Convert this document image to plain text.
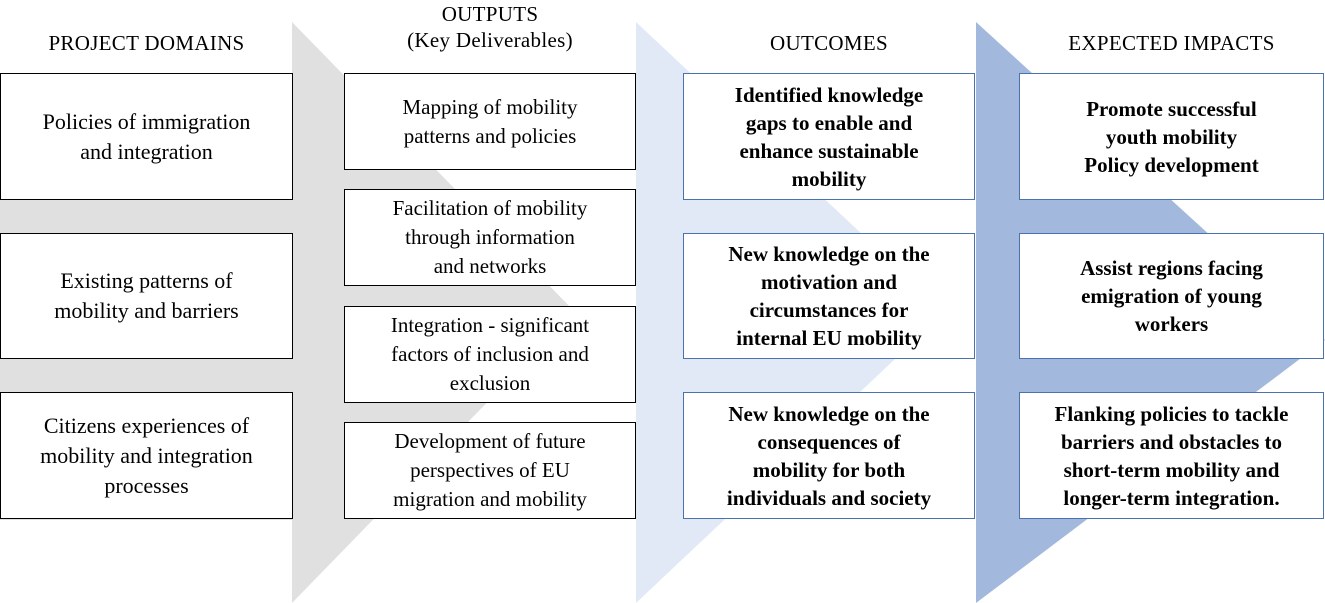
PROJECT DOMAINS
Policies of immigration
and integration
Existing patterns of
mobility and barriers
Citizens experiences of
mobility and integration
processes
OUTPUTS
(Key Deliverables)
Mapping of mobility
patterns and policies
Facilitation of mobility
through information
and networks
Integration - significant
factors of inclusion and
exclusion
Development of future
perspectives of EU
migration and mobility
OUTCOMES
Identified knowledge
gaps to enable and
enhance sustainable
mobility
New knowledge on the
motivation and
circumstances for
internal EU mobility
New knowledge on the
consequences of
mobility for both
individuals and society
EXPECTED IMPACTS
Promote successful
youth mobility
Policy development
Assist regions facing
emigration of young
workers
Flanking policies to tackle
barriers and obstacles to
short-term mobility and
longer-term integration.
